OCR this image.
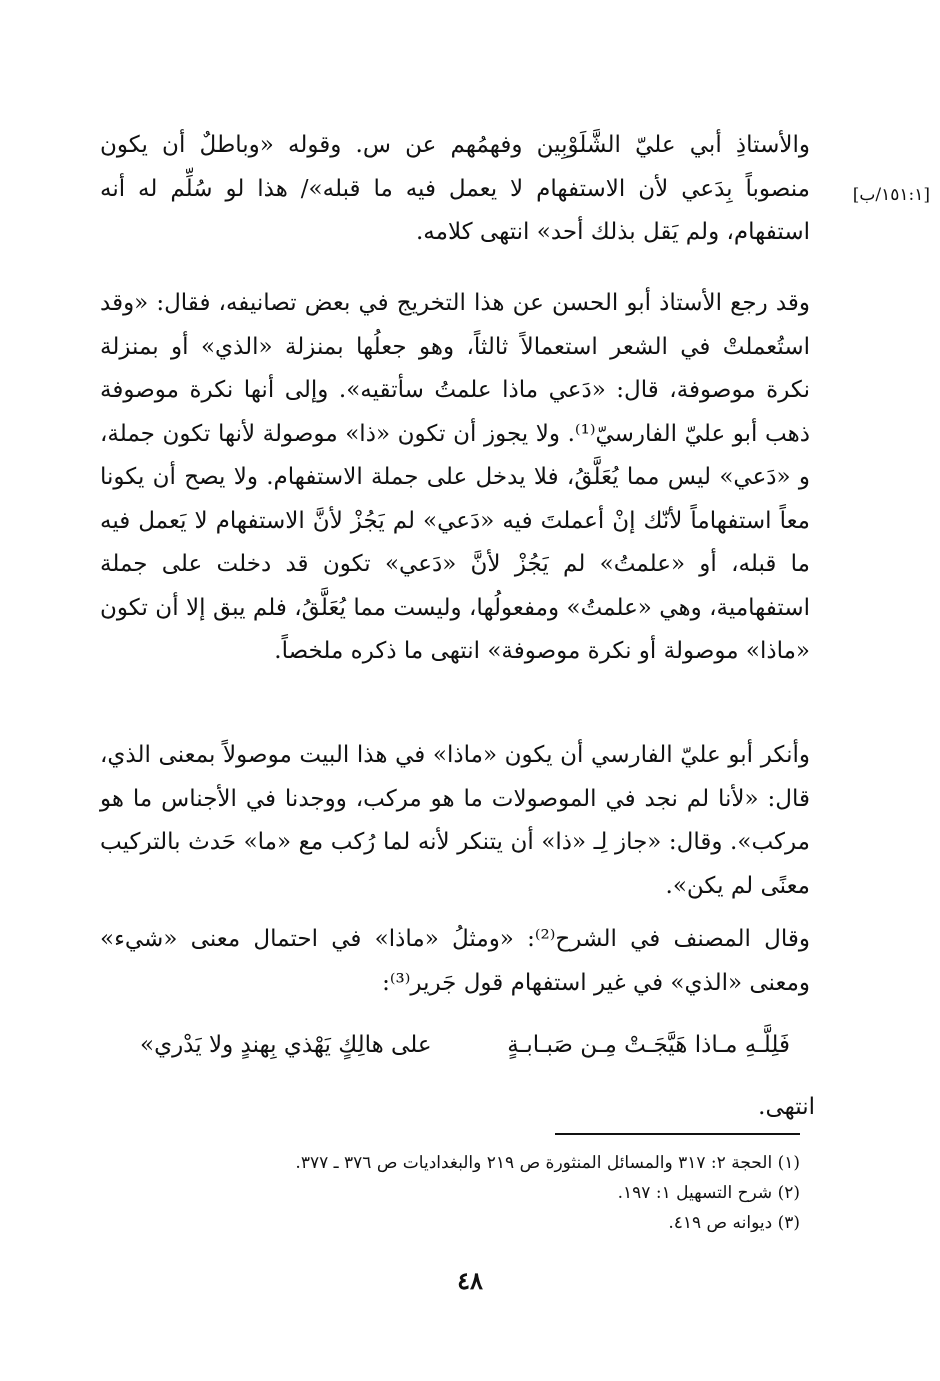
[١٥١:١/ب]

والأستاذِ أبي عليّ الشَّلَوْبِين وفهمُهم عن س. وقوله «وباطلٌ أن يكون منصوباً بِدَعي لأن الاستفهام لا يعمل فيه ما قبله»/ هذا لو سُلِّم له أنه استفهام، ولم يَقل بذلك أحد» انتهى كلامه.

وقد رجع الأستاذ أبو الحسن عن هذا التخريج في بعض تصانيفه، فقال: «وقد استُعملتْ في الشعر استعمالاً ثالثاً، وهو جعلُها بمنزلة «الذي» أو بمنزلة نكرة موصوفة، قال: «دَعي ماذا علمتُ سأتقيه». وإلى أنها نكرة موصوفة ذهب أبو عليّ الفارسيّ⁽¹⁾. ولا يجوز أن تكون «ذا» موصولة لأنها تكون جملة، و «دَعي» ليس مما يُعَلَّقُ، فلا يدخل على جملة الاستفهام. ولا يصح أن يكونا معاً استفهاماً لأنّك إنْ أعملتَ فيه «دَعي» لم يَجُزْ لأنَّ الاستفهام لا يَعمل فيه ما قبله، أو «علمتُ» لم يَجُزْ لأنَّ «دَعي» تكون قد دخلت على جملة استفهامية، وهي «علمتُ» ومفعولُها، وليست مما يُعَلَّقُ، فلم يبق إلا أن تكون «ماذا» موصولة أو نكرة موصوفة» انتهى ما ذكره ملخصاً.

وأنكر أبو عليّ الفارسي أن يكون «ماذا» في هذا البيت موصولاً بمعنى الذي، قال: «لأنا لم نجد في الموصولات ما هو مركب، ووجدنا في الأجناس ما هو مركب». وقال: «جاز لِـ «ذا» أن يتنكر لأنه لما رُكب مع «ما» حَدث بالتركيب معنًى لم يكن».

وقال المصنف في الشرح⁽²⁾: «ومثلُ «ماذا» في احتمال معنى «شيء» ومعنى «الذي» في غير استفهام قول جَرير⁽³⁾:

فَلِلَّـهِ مـاذا هَيَّجَـتْ مِـن صَبـابـةٍ
على هالِكٍ يَهْذي بِهندٍ ولا يَدْري»
انتهى.
(١) الحجة ٢: ٣١٧ والمسائل المنثورة ص ٢١٩ والبغداديات ص ٣٧٦ ـ ٣٧٧.
(٢) شرح التسهيل ١: ١٩٧.
(٣) ديوانه ص ٤١٩.
٤٨
